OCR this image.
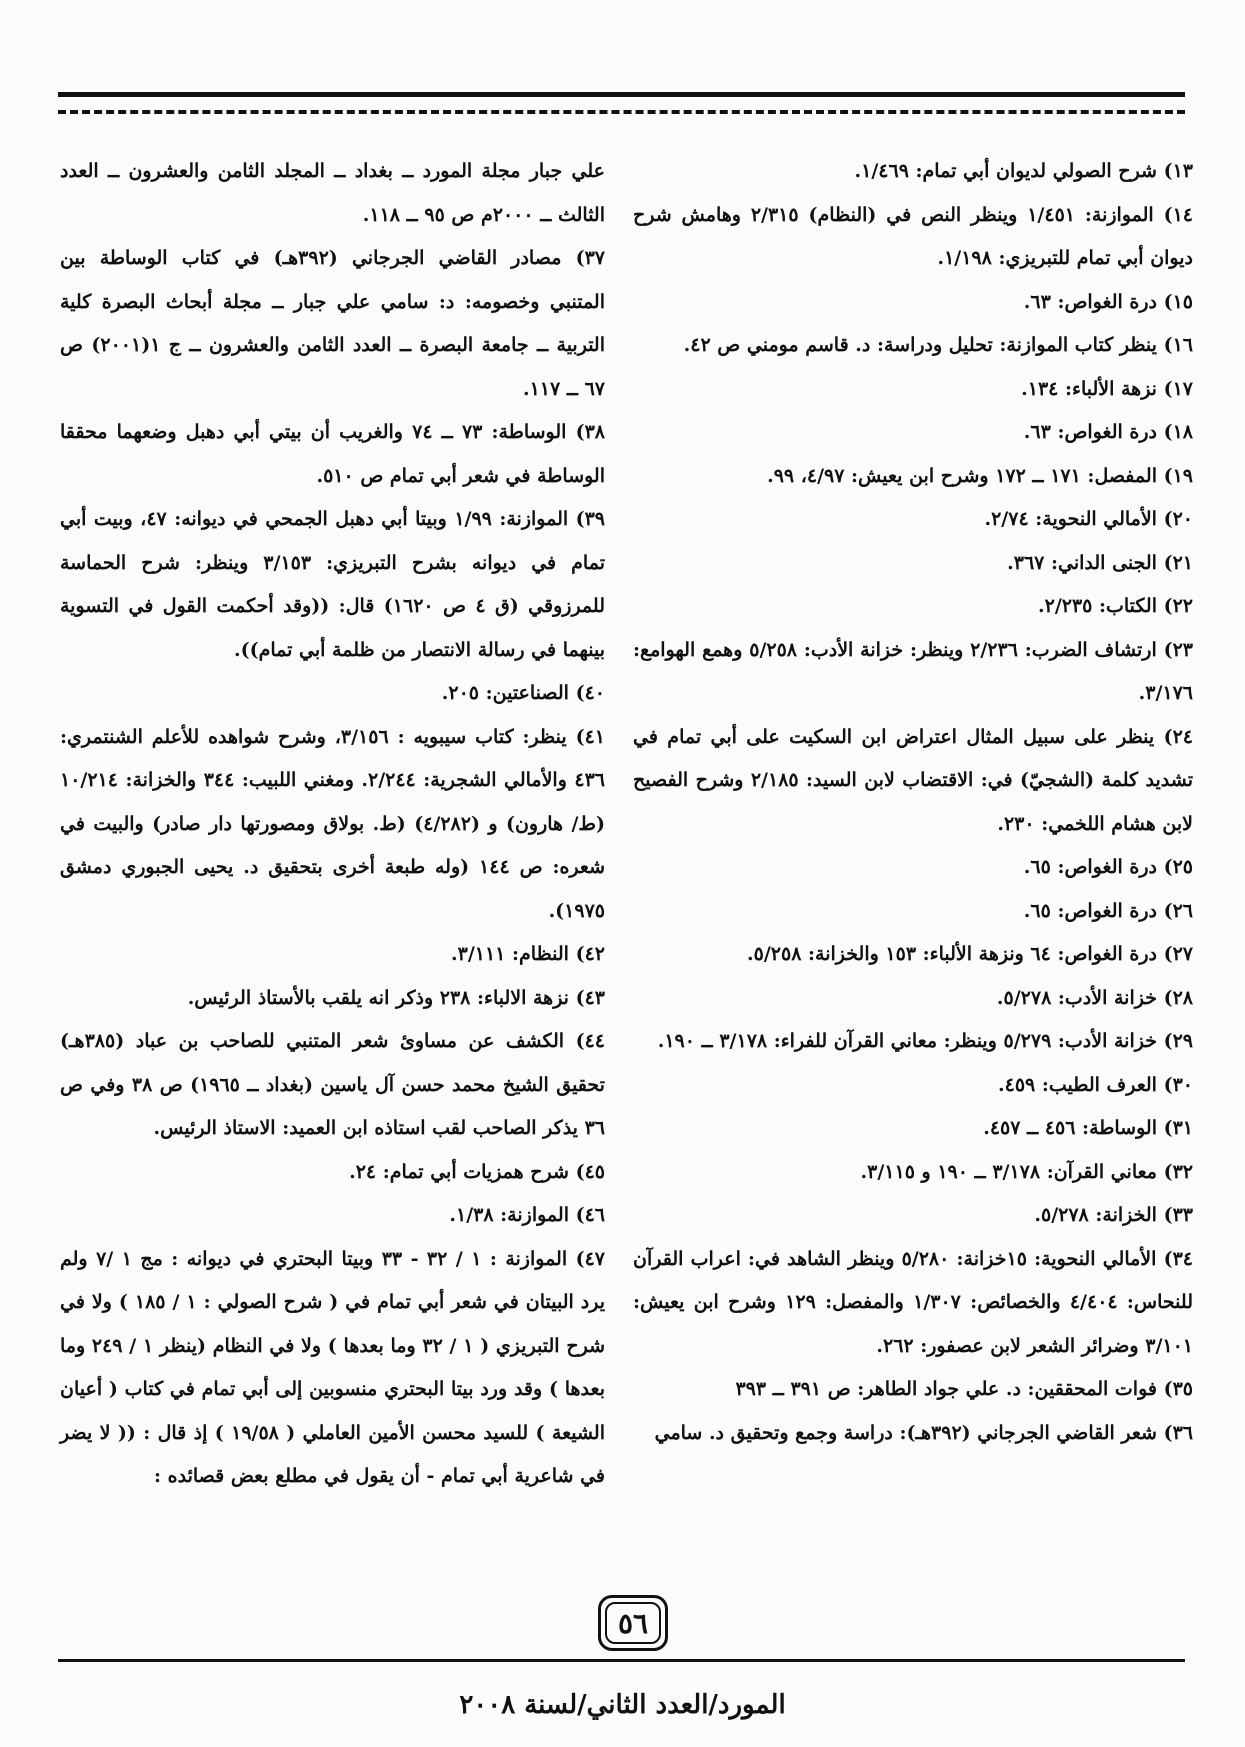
١٣) شرح الصولي لديوان أبي تمام: ١/٤٦٩.

١٤) الموازنة: ١/٤٥١ وينظر النص في (النظام) ٢/٣١٥ وهامش شرح ديوان أبي تمام للتبريزي: ١/١٩٨.

١٥) درة الغواص: ٦٣.

١٦) ينظر كتاب الموازنة: تحليل ودراسة: د. قاسم مومني ص ٤٢.

١٧) نزهة الألباء: ١٣٤.

١٨) درة الغواص: ٦٣.

١٩) المفصل: ١٧١ ــ ١٧٢ وشرح ابن يعيش: ٤/٩٧، ٩٩.

٢٠) الأمالي النحوية: ٢/٧٤.

٢١) الجنى الداني: ٣٦٧.

٢٢) الكتاب: ٢/٢٣٥.

٢٣) ارتشاف الضرب: ٢/٢٣٦ وينظر: خزانة الأدب: ٥/٢٥٨ وهمع الهوامع: ٣/١٧٦.

٢٤) ينظر على سبيل المثال اعتراض ابن السكيت على أبي تمام في تشديد كلمة (الشجيّ) في: الاقتضاب لابن السيد: ٢/١٨٥ وشرح الفصيح لابن هشام اللخمي: ٢٣٠.

٢٥) درة الغواص: ٦٥.

٢٦) درة الغواص: ٦٥.

٢٧) درة الغواص: ٦٤ ونزهة الألباء: ١٥٣ والخزانة: ٥/٢٥٨.

٢٨) خزانة الأدب: ٥/٢٧٨.

٢٩) خزانة الأدب: ٥/٢٧٩ وينظر: معاني القرآن للفراء: ٣/١٧٨ ــ ١٩٠.

٣٠) العرف الطيب: ٤٥٩.

٣١) الوساطة: ٤٥٦ ــ ٤٥٧.

٣٢) معاني القرآن: ٣/١٧٨ ــ ١٩٠ و ٣/١١٥.

٣٣) الخزانة: ٥/٢٧٨.

٣٤) الأمالي النحوية: ١٥خزانة: ٥/٢٨٠ وينظر الشاهد في: اعراب القرآن للنحاس: ٤/٤٠٤ والخصائص: ١/٣٠٧ والمفصل: ١٢٩ وشرح ابن يعيش: ٣/١٠١ وضرائر الشعر لابن عصفور: ٢٦٢.

٣٥) فوات المحققين: د. علي جواد الطاهر: ص ٣٩١ ــ ٣٩٣

٣٦) شعر القاضي الجرجاني (٣٩٢هـ): دراسة وجمع وتحقيق د. سامي

علي جبار مجلة المورد ــ بغداد ــ المجلد الثامن والعشرون ــ العدد الثالث ــ ٢٠٠٠م ص ٩٥ ــ ١١٨.

٣٧) مصادر القاضي الجرجاني (٣٩٢هـ) في كتاب الوساطة بين المتنبي وخصومه: د: سامي علي جبار ــ مجلة أبحاث البصرة كلية التربية ــ جامعة البصرة ــ العدد الثامن والعشرون ــ ج ١(٢٠٠١) ص ٦٧ ــ ١١٧.

٣٨) الوساطة: ٧٣ ــ ٧٤ والغريب أن بيتي أبي دهبل وضعهما محققا الوساطة في شعر أبي تمام ص ٥١٠.

٣٩) الموازنة: ١/٩٩ وبيتا أبي دهبل الجمحي في ديوانه: ٤٧، وبيت أبي تمام في ديوانه بشرح التبريزي: ٣/١٥٣ وينظر: شرح الحماسة للمرزوقي (ق ٤ ص ١٦٢٠) قال: ((وقد أحكمت القول في التسوية بينهما في رسالة الانتصار من ظلمة أبي تمام)).

٤٠) الصناعتين: ٢٠٥.

٤١) ينظر: كتاب سيبويه : ٣/١٥٦، وشرح شواهده للأعلم الشنتمري: ٤٣٦ والأمالي الشجرية: ٢/٢٤٤. ومغني اللبيب: ٣٤٤ والخزانة: ١٠/٢١٤ (ط/ هارون) و (٤/٢٨٢) (ط. بولاق ومصورتها دار صادر) والبيت في شعره: ص ١٤٤ (وله طبعة أخرى بتحقيق د. يحيى الجبوري دمشق ١٩٧٥).

٤٢) النظام: ٣/١١١.

٤٣) نزهة الالباء: ٢٣٨ وذكر انه يلقب بالأستاذ الرئيس.

٤٤) الكشف عن مساوئ شعر المتنبي للصاحب بن عباد (٣٨٥هـ) تحقيق الشيخ محمد حسن آل ياسين (بغداد ــ ١٩٦٥) ص ٣٨ وفي ص ٣٦ يذكر الصاحب لقب استاذه ابن العميد: الاستاذ الرئيس.

٤٥) شرح همزيات أبي تمام: ٢٤.

٤٦) الموازنة: ١/٣٨.

٤٧) الموازنة : ١ / ٣٢ - ٣٣ وبيتا البحتري في ديوانه : مج ١ /٧ ولم يرد البيتان في شعر أبي تمام في ( شرح الصولي : ١ / ١٨٥ ) ولا في شرح التبريزي ( ١ / ٣٢ وما بعدها ) ولا في النظام (ينظر ١ / ٢٤٩ وما بعدها ) وقد ورد بيتا البحتري منسوبين إلى أبي تمام في كتاب ( أعيان الشيعة ) للسيد محسن الأمين العاملي ( ١٩/٥٨ ) إذ قال : (( لا يضر في شاعرية أبي تمام - أن يقول في مطلع بعض قصائده :

٥٦
المورد/العدد الثاني/لسنة ٢٠٠٨
